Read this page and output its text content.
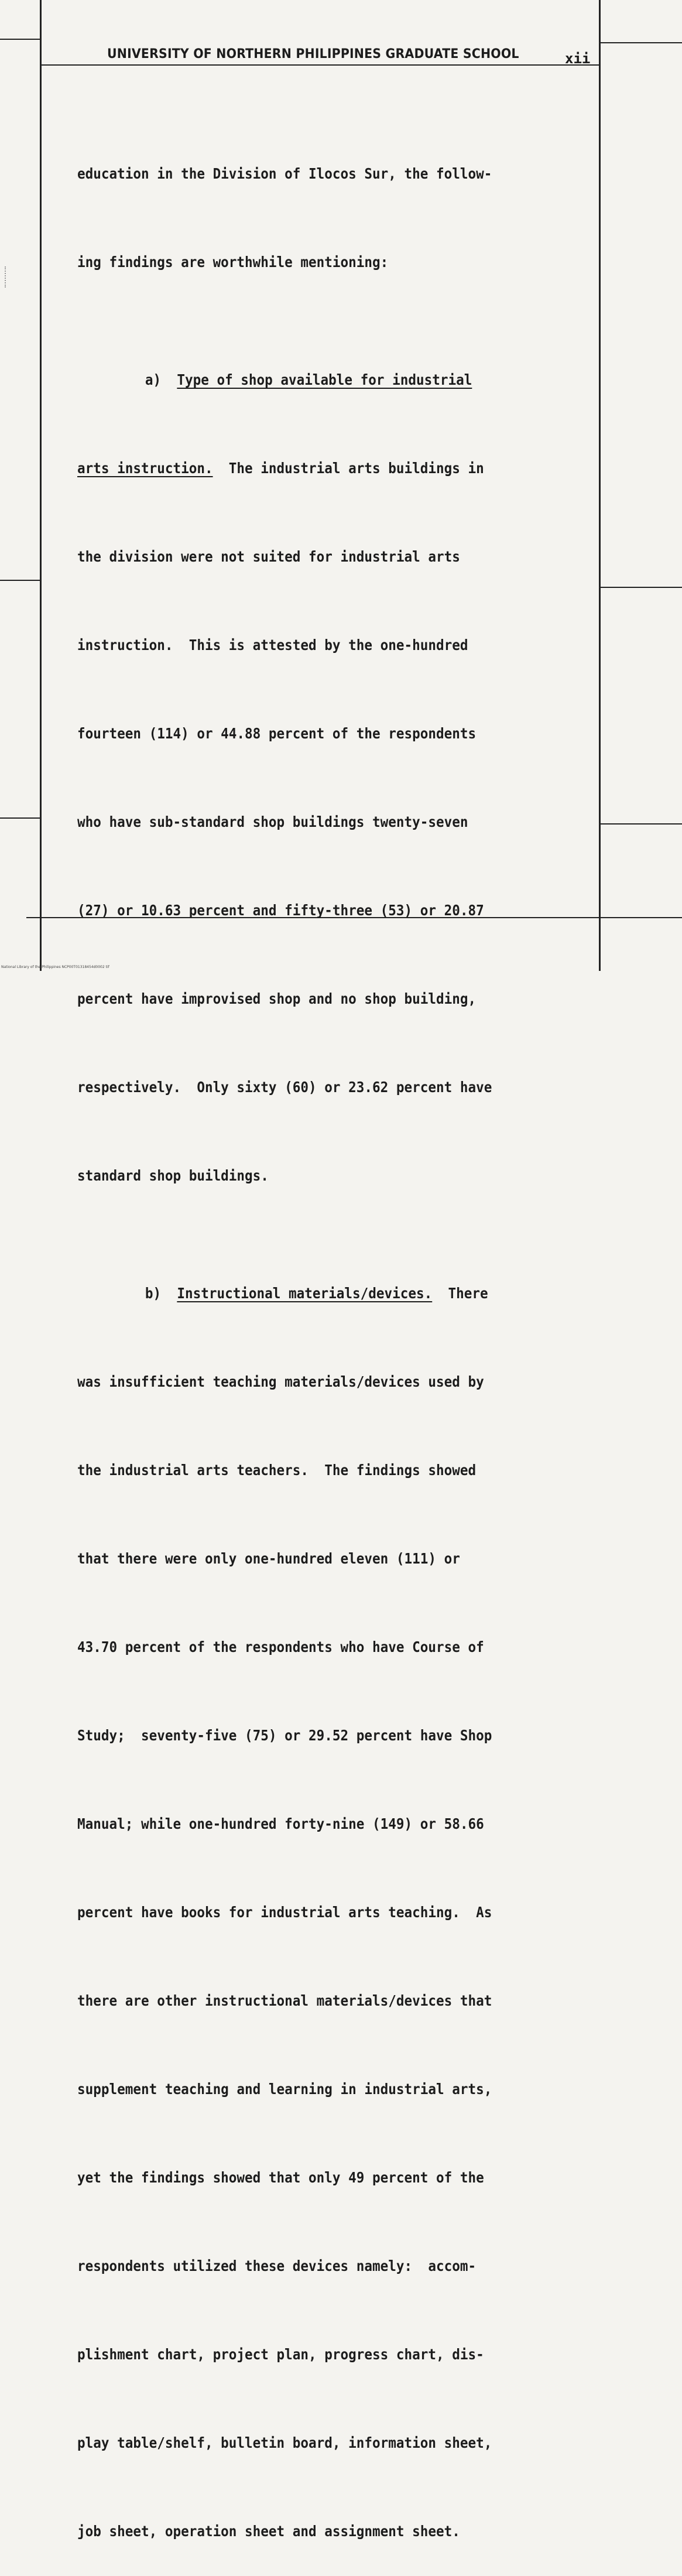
UNIVERSITY OF NORTHERN PHILIPPINES GRADUATE SCHOOL	xii

education in the Division of Ilocos Sur, the follow-

ing findings are worthwhile mentioning:

a) Type of shop available for industrial

arts instruction.  The industrial arts buildings in

the division were not suited for industrial arts

instruction.  This is attested by the one-hundred

fourteen (114) or 44.88 percent of the respondents

who have sub-standard shop buildings twenty-seven

(27) or 10.63 percent and fifty-three (53) or 20.87

percent have improvised shop and no shop building,

respectively.  Only sixty (60) or 23.62 percent have

standard shop buildings.

b) Instructional materials/devices.  There

was insufficient teaching materials/devices used by

the industrial arts teachers.  The findings showed

that there were only one-hundred eleven (111) or

43.70 percent of the respondents who have Course of

Study;  seventy-five (75) or 29.52 percent have Shop

Manual; while one-hundred forty-nine (149) or 58.66

percent have books for industrial arts teaching.  As

there are other instructional materials/devices that

supplement teaching and learning in industrial arts,

yet the findings showed that only 49 percent of the

respondents utilized these devices namely:  accom-

plishment chart, project plan, progress chart, dis-

play table/shelf, bulletin board, information sheet,

job sheet, operation sheet and assignment sheet.

National Library of the Philippines NCP00T01318454d0002 tif
